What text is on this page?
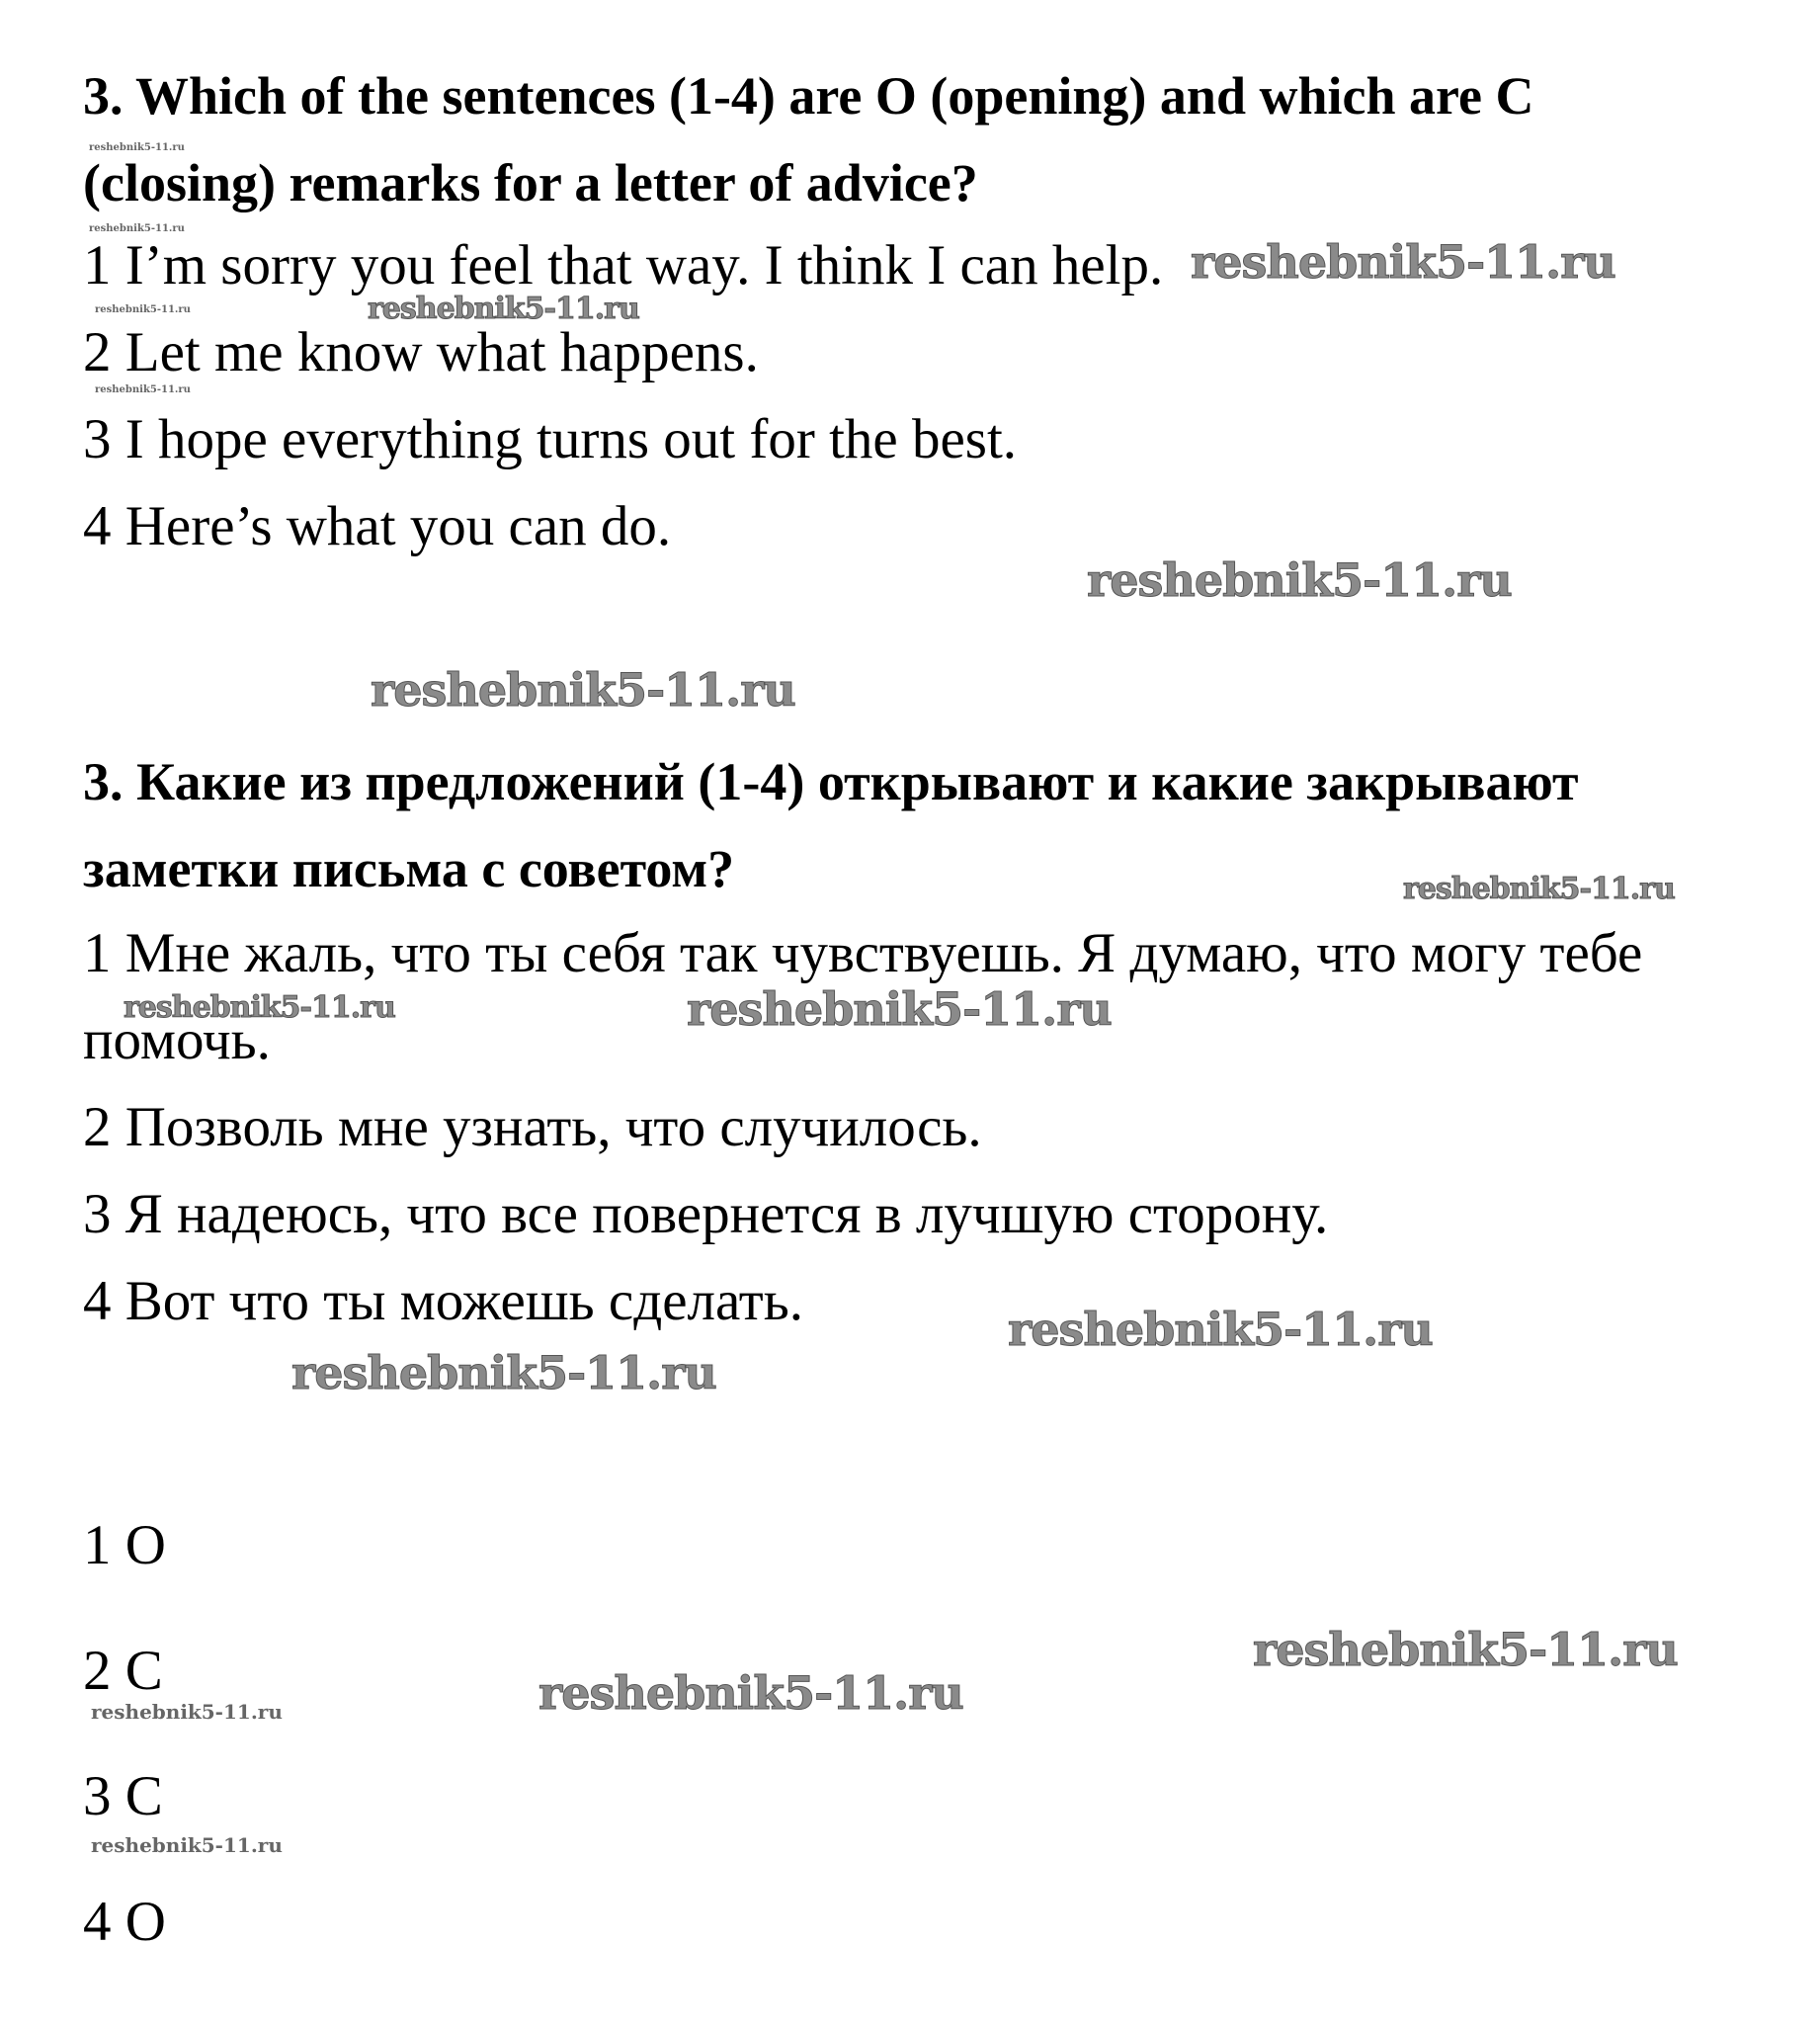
3. Which of the sentences (1-4) are O (opening) and which are C
(closing) remarks for a letter of advice?
1 I’m sorry you feel that way. I think I can help.
2 Let me know what happens.
3 I hope everything turns out for the best.
4 Here’s what you can do.
3. Какие из предложений (1-4) открывают и какие закрывают
заметки письма с советом?
1 Мне жаль, что ты себя так чувствуешь. Я думаю, что могу тебе
помочь.
2 Позволь мне узнать, что случилось.
3 Я надеюсь, что все повернется в лучшую сторону.
4 Вот что ты можешь сделать.
1 O
2 C
3 C
4 O
reshebnik5-11.ru
reshebnik5-11.ru
reshebnik5-11.ru
reshebnik5-11.ru
reshebnik5-11.ru
reshebnik5-11.ru
reshebnik5-11.ru
reshebnik5-11.ru
reshebnik5-11.ru
reshebnik5-11.ru	reshebnik5-11.ru
reshebnik5-11.ru
reshebnik5-11.ru
reshebnik5-11.ru
reshebnik5-11.ru
reshebnik5-11.ru
reshebnik5-11.ru
